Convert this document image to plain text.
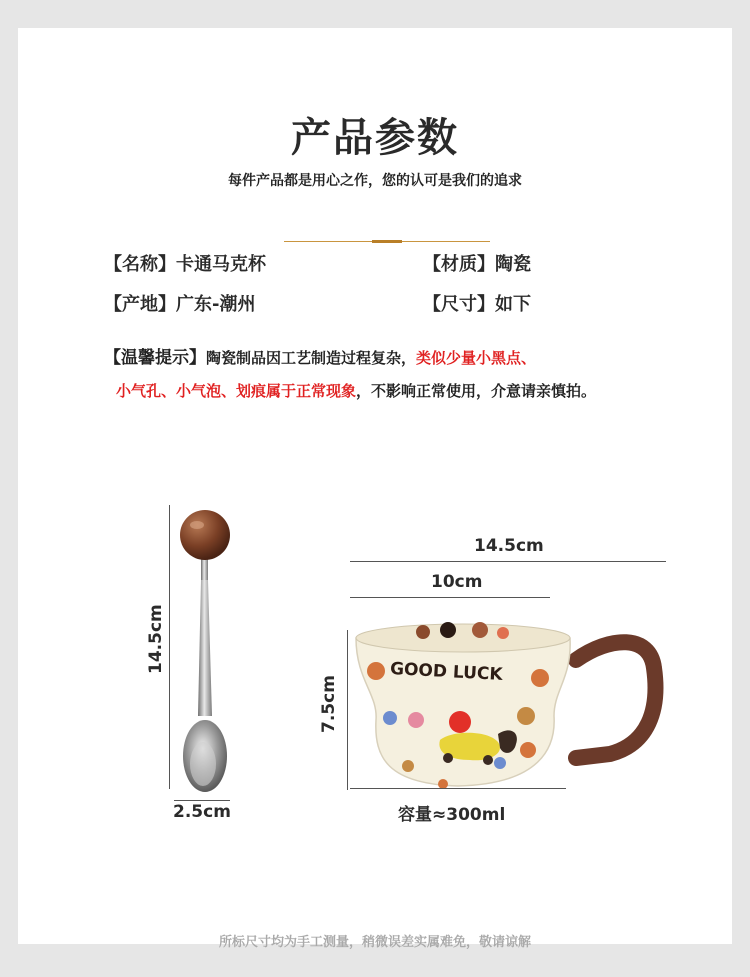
产品参数
每件产品都是用心之作，您的认可是我们的追求
【名称】卡通马克杯	【材质】陶瓷
【产地】广东-潮州	【尺寸】如下
【温馨提示】陶瓷制品因工艺制造过程复杂，类似少量小黑点、
小气孔、小气泡、划痕属于正常现象，不影响正常使用，介意请亲慎拍。
14.5cm
2.5cm
14.5cm
10cm
7.5cm
GOOD LUCK
容量≈300ml
所标尺寸均为手工测量，稍微误差实属难免，敬请谅解
